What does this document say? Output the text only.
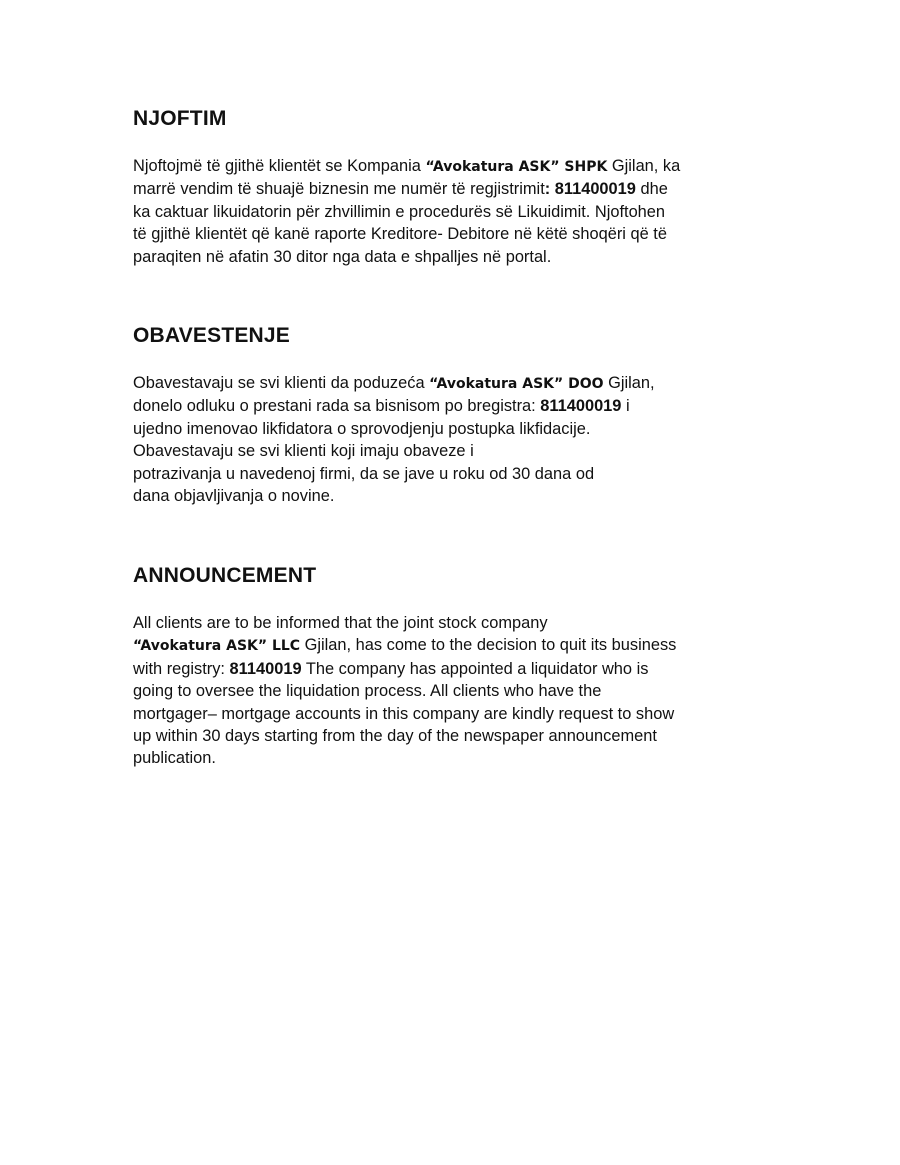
NJOFTIM

Njoftojmë të gjithë klientët se Kompania “Avokatura ASK” SHPK Gjilan, ka
marrë vendim të shuajë biznesin me numër të regjistrimit: 811400019 dhe
ka caktuar likuidatorin për zhvillimin e procedurës së Likuidimit. Njoftohen
të gjithë klientët që kanë raporte Kreditore- Debitore në këtë shoqëri që të
paraqiten në afatin 30 ditor nga data e shpalljes në portal.

OBAVESTENJE

Obavestavaju se svi klienti da poduzeća “Avokatura ASK” DOO Gjilan,
donelo odluku o prestani rada sa bisnisom po bregistra: 811400019 i
ujedno imenovao likfidatora o sprovodjenju postupka likfidacije.
Obavestavaju se svi klienti koji imaju obaveze i
potrazivanja u navedenoj firmi, da se jave u roku od 30 dana od
dana objavljivanja o novine.

ANNOUNCEMENT

All clients are to be informed that the joint stock company
“Avokatura ASK” LLC Gjilan, has come to the decision to quit its business
with registry: 81140019 The company has appointed a liquidator who is
going to oversee the liquidation process. All clients who have the
mortgager– mortgage accounts in this company are kindly request to show
up within 30 days starting from the day of the newspaper announcement
publication.
